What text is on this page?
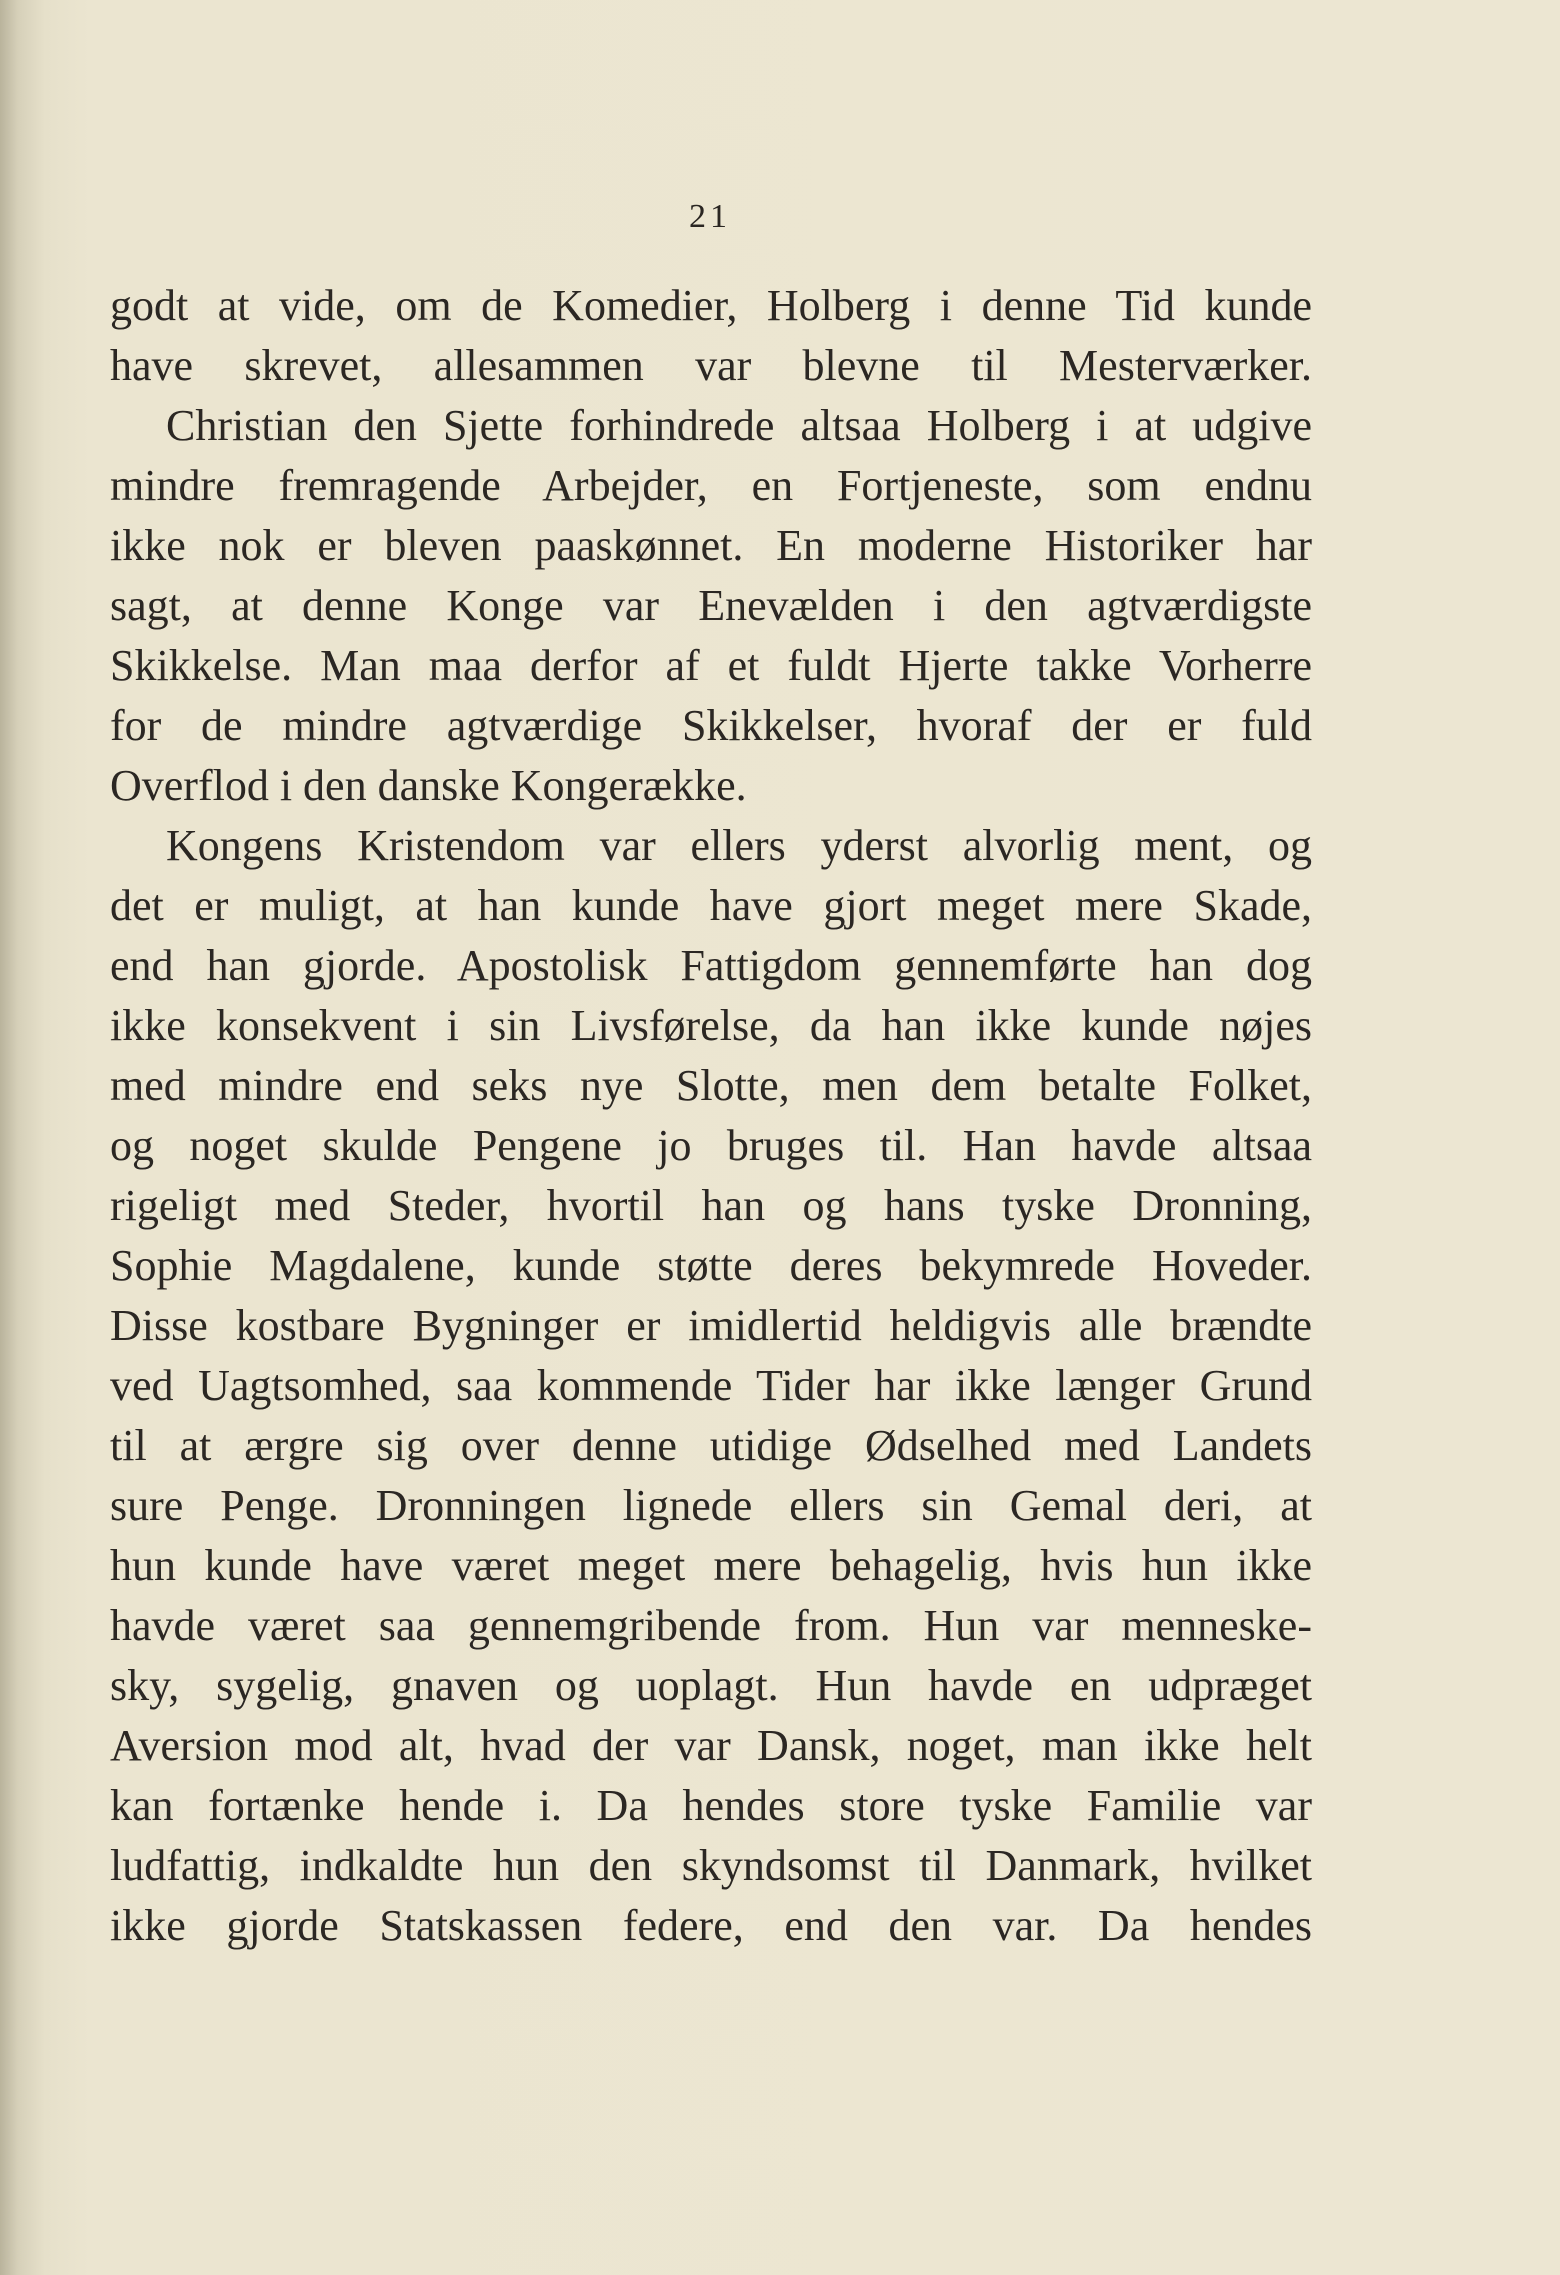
21
godt at vide, om de Komedier, Holberg i denne Tid kunde
have skrevet, allesammen var blevne til Mesterværker.
Christian den Sjette forhindrede altsaa Holberg i at udgive
mindre fremragende Arbejder, en Fortjeneste, som endnu
ikke nok er bleven paaskønnet. En moderne Historiker har
sagt, at denne Konge var Enevælden i den agtværdigste
Skikkelse. Man maa derfor af et fuldt Hjerte takke Vorherre
for de mindre agtværdige Skikkelser, hvoraf der er fuld
Overflod i den danske Kongerække.
Kongens Kristendom var ellers yderst alvorlig ment, og
det er muligt, at han kunde have gjort meget mere Skade,
end han gjorde. Apostolisk Fattigdom gennemførte han dog
ikke konsekvent i sin Livsførelse, da han ikke kunde nøjes
med mindre end seks nye Slotte, men dem betalte Folket,
og noget skulde Pengene jo bruges til. Han havde altsaa
rigeligt med Steder, hvortil han og hans tyske Dronning,
Sophie Magdalene, kunde støtte deres bekymrede Hoveder.
Disse kostbare Bygninger er imidlertid heldigvis alle brændte
ved Uagtsomhed, saa kommende Tider har ikke længer Grund
til at ærgre sig over denne utidige Ødselhed med Landets
sure Penge. Dronningen lignede ellers sin Gemal deri, at
hun kunde have været meget mere behagelig, hvis hun ikke
havde været saa gennemgribende from. Hun var menneske-
sky, sygelig, gnaven og uoplagt. Hun havde en udpræget
Aversion mod alt, hvad der var Dansk, noget, man ikke helt
kan fortænke hende i. Da hendes store tyske Familie var
ludfattig, indkaldte hun den skyndsomst til Danmark, hvilket
ikke gjorde Statskassen federe, end den var. Da hendes
